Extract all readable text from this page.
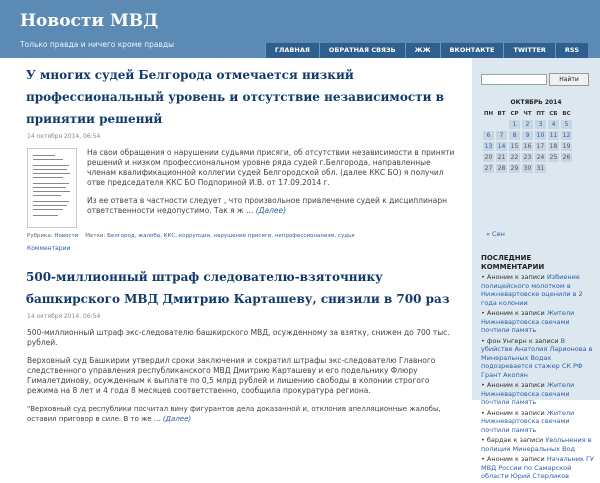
Новости МВД
Только правда и ничего кроме правды
ГЛАВНАЯ	ОБРАТНАЯ СВЯЗЬ	ЖЖ	ВКОНТАКТЕ	TWITTER	RSS
У многих судей Белгорода отмечается низкий профессиональный уровень и отсутствие независимости в принятии решений
14 октября 2014, 06:54

На свои обращения о нарушении судьями присяги, об отсутствии независимости в приняти решений и низком профессиональном уровне ряда судей г.Белгорода, направленные членам квалификационной коллегии судей Белгородской обл. (далее ККС БО) я получил отве председателя ККС БО Подпориной И.В. от 17.09.2014 г.

Из ее ответа в частности следует , что произвольное привлечение судей к дисциплинарн ответственности недопустимо. Так я ж ... (Далее)

Рубрика: Новости Метки: Белгород, жалоба, ККС, коррупция, нарушение присяги, непрофессионализм, судья
Комментарии
500-миллионный штраф следователю-взяточнику башкирского МВД Дмитрию Карташеву, снизили в 700 раз
14 октября 2014, 06:54

500-миллионный штраф экс-следователю башкирского МВД, осужденному за взятку, снижен до 700 тыс. рублей.

Верховный суд Башкирии утвердил сроки заключения и сократил штрафы экс-следователю Главного следственного управления республиканского МВД Дмитрию Карташеву и его подельнику Флюру Гималетдинову, осужденным к выплате по 0,5 млрд рублей и лишению свободы в колонии строгого режима на 8 лет и 4 года 8 месяцев соответственно, сообщила прокуратура региона.

"Верховный суд республики посчитал вину фигурантов дела доказанной и, отклонив апелляционные жалобы, оставил приговор в силе. В то же ... (Далее)

Найти
ОКТЯБРЬ 2014
ПН	ВТ	СР	ЧТ	ПТ	СБ	ВС
		1	2	3	4	5
6	7	8	9	10	11	12
13	14	15	16	17	18	19
20	21	22	23	24	25	26
27	28	29	30	31		
« Сен
ПОСЛЕДНИЕ КОММЕНТАРИИ
• Аноним к записи Избиение полицейского молотком в Нижневартовске оценили в 2 года колонии
• Аноним к записи Жители Нижневартовска свечами почтили память
• фон Унгерн к записи В убийстве Анатолия Ларионова в Минеральных Водах подозревается стажер СК РФ Грант Акопян
• Аноним к записи Жители Нижневартовска свечами почтили память
• Аноним к записи Жители Нижневартовска свечами почтили память
• бардак к записи Увольнения в полиции Минеральных Вод
• Аноним к записи Начальник ГУ МВД России по Самарской области Юрий Стерликов
